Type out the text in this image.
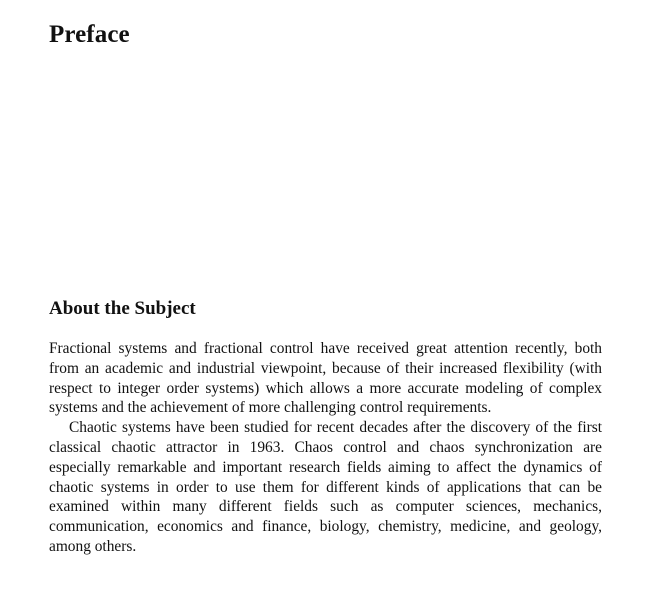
Preface
About the Subject

Fractional systems and fractional control have received great attention recently, both from an academic and industrial viewpoint, because of their increased flexibility (with respect to integer order systems) which allows a more accurate modeling of complex systems and the achievement of more challenging control requirements.

Chaotic systems have been studied for recent decades after the discovery of the first classical chaotic attractor in 1963. Chaos control and chaos synchronization are especially remarkable and important research fields aiming to affect the dynamics of chaotic systems in order to use them for different kinds of applications that can be examined within many different fields such as computer sciences, mechanics, communication, economics and finance, biology, chemistry, medicine, and geology, among others.
